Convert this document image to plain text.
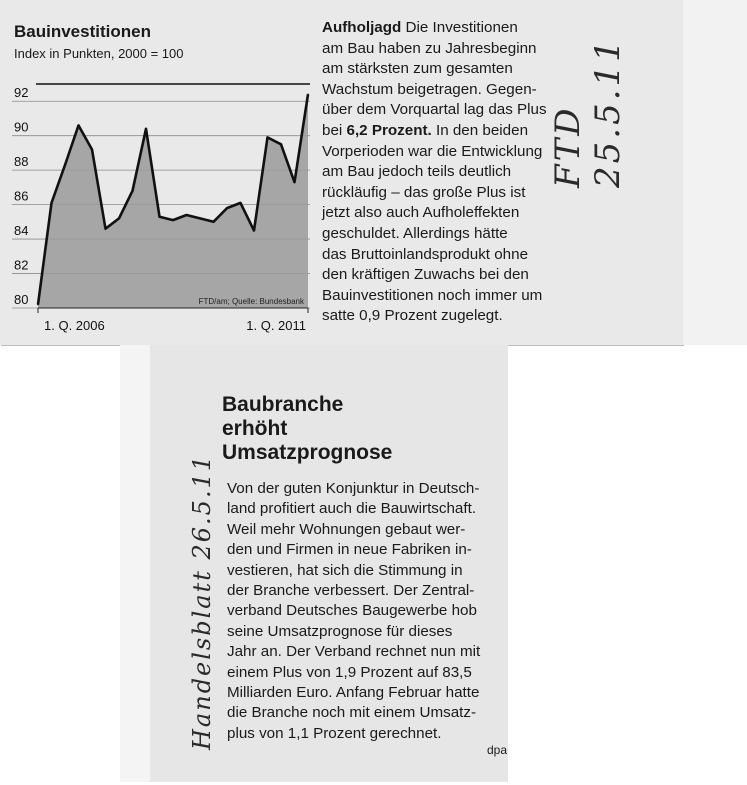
80
82
84
86
88
90
92
1. Q. 2006	1. Q. 2011
FTD/am; Quelle: Bundesbank
Bauinvestitionen
Index in Punkten, 2000 = 100
Aufholjagd Die Investitionen
am Bau haben zu Jahresbeginn
am stärksten zum gesamten
Wachstum beigetragen. Gegen-
über dem Vorquartal lag das Plus
bei 6,2 Prozent. In den beiden
Vorperioden war die Entwicklung
am Bau jedoch teils deutlich
rückläufig – das große Plus ist
jetzt also auch Aufholeffekten
geschuldet. Allerdings hätte
das Bruttoinlandsprodukt ohne
den kräftigen Zuwachs bei den
Bauinvestitionen noch immer um
satte 0,9 Prozent zugelegt.
FTD 25.5.11
Baubranche
erhöht
Umsatzprognose
Von der guten Konjunktur in Deutsch-
land profitiert auch die Bauwirtschaft.
Weil mehr Wohnungen gebaut wer-
den und Firmen in neue Fabriken in-
vestieren, hat sich die Stimmung in
der Branche verbessert. Der Zentral-
verband Deutsches Baugewerbe hob
seine Umsatzprognose für dieses
Jahr an. Der Verband rechnet nun mit
einem Plus von 1,9 Prozent auf 83,5
Milliarden Euro. Anfang Februar hatte
die Branche noch mit einem Umsatz-
plus von 1,1 Prozent gerechnet.
dpa
Handelsblatt 26.5.11
